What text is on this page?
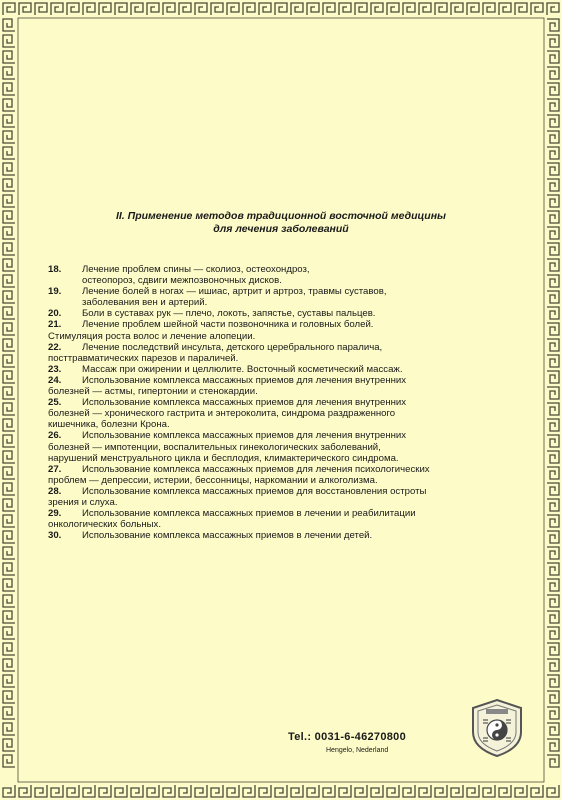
II. Применение методов традиционной восточной медицины
для лечения заболеваний
18. Лечение проблем спины — сколиоз, остеохондроз,
остеопороз, сдвиги межпозвоночных дисков.
19. Лечение болей в ногах — ишиас, артрит и артроз, травмы суставов,
заболевания вен и артерий.
20. Боли в суставах рук — плечо, локоть, запястье, суставы пальцев.
21. Лечение проблем шейной части позвоночника и головных болей.
Стимуляция роста волос и лечение алопеции.
22. Лечение последствий инсульта, детского церебрального паралича,
посттравматических парезов и параличей.
23. Массаж при ожирении и целлюлите. Восточный косметический массаж.
24. Использование комплекса массажных приемов для лечения внутренних
болезней — астмы, гипертонии и стенокардии.
25. Использование комплекса массажных приемов для лечения внутренних
болезней — хронического гастрита и энтероколита, синдрома раздраженного
кишечника, болезни Крона.
26. Использование комплекса массажных приемов для лечения внутренних
болезней — импотенции, воспалительных гинекологических заболеваний,
нарушений менструального цикла и бесплодия, климактерического синдрома.
27. Использование комплекса массажных приемов для лечения психологических
проблем — депрессии, истерии, бессонницы, наркомании и алкоголизма.
28. Использование комплекса массажных приемов для восстановления остроты
зрения и слуха.
29. Использование комплекса массажных приемов в лечении и реабилитации
онкологических больных.
30. Использование комплекса массажных приемов в лечении детей.
Tel.: 0031-6-46270800
Hengelo, Nederland
